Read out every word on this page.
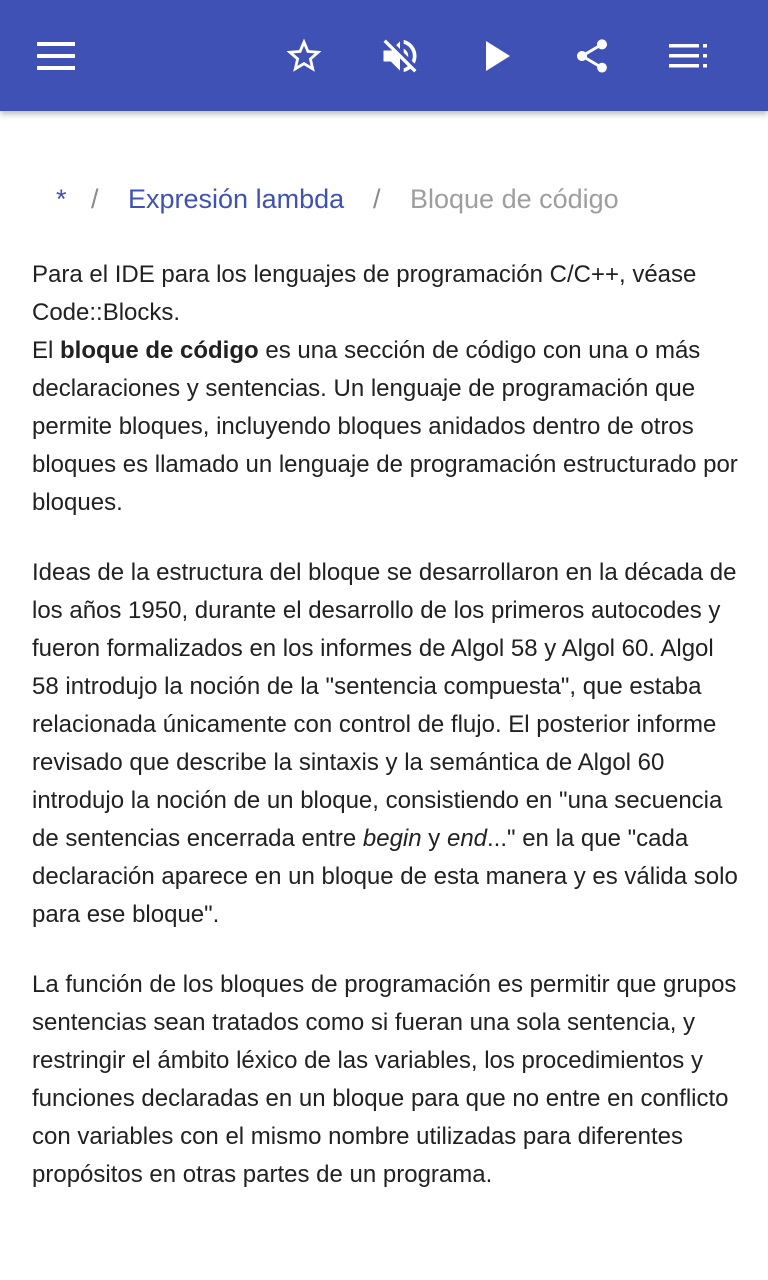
* / Expresión lambda / Bloque de código

Para el IDE para los lenguajes de programación C/C++, véase Code::Blocks.
El bloque de código es una sección de código con una o más declaraciones y sentencias. Un lenguaje de programación que permite bloques, incluyendo bloques anidados dentro de otros bloques es llamado un lenguaje de programación estructurado por bloques.

Ideas de la estructura del bloque se desarrollaron en la década de los años 1950, durante el desarrollo de los primeros autocodes y fueron formalizados en los informes de Algol 58 y Algol 60. Algol 58 introdujo la noción de la "sentencia compuesta", que estaba relacionada únicamente con control de flujo. El posterior informe revisado que describe la sintaxis y la semántica de Algol 60 introdujo la noción de un bloque, consistiendo en "una secuencia de sentencias encerrada entre begin y end..." en la que "cada declaración aparece en un bloque de esta manera y es válida solo para ese bloque".

La función de los bloques de programación es permitir que grupos sentencias sean tratados como si fueran una sola sentencia, y restringir el ámbito léxico de las variables, los procedimientos y funciones declaradas en un bloque para que no entre en conflicto con variables con el mismo nombre utilizadas para diferentes propósitos en otras partes de un programa.
